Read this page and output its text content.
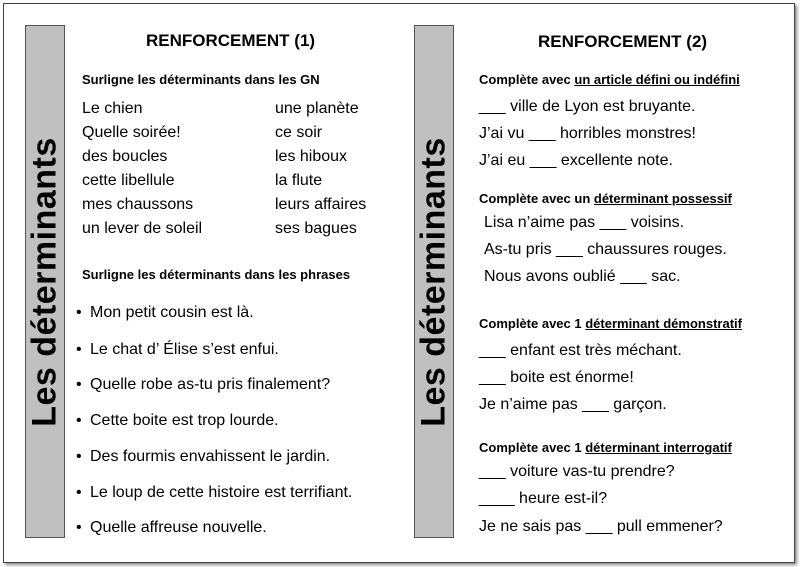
Les déterminants	Les déterminants
RENFORCEMENT (1)
Surligne les déterminants dans les GN
Le chien
Quelle soirée!
des boucles
cette libellule
mes chaussons
un lever de soleil
une planète
ce soir
les hiboux
la flute
leurs affaires
ses bagues
Surligne les déterminants dans les phrases
• Mon petit cousin est là.
• Le chat d’ Élise s’est enfui.
• Quelle robe as-tu pris finalement?
• Cette boite est trop lourde.
• Des fourmis envahissent le jardin.
• Le loup de cette histoire est terrifiant.
• Quelle affreuse nouvelle.
RENFORCEMENT (2)
Complète avec un article défini ou indéfini
___ ville de Lyon est bruyante.
J’ai vu ___ horribles monstres!
J’ai eu ___ excellente note.
Complète avec un déterminant possessif
Lisa n’aime pas ___ voisins.
As-tu pris ___ chaussures rouges.
Nous avons oublié ___ sac.
Complète avec 1 déterminant démonstratif
___ enfant est très méchant.
___ boite est énorme!
Je n’aime pas ___ garçon.
Complète avec 1 déterminant interrogatif
___ voiture vas-tu prendre?
____ heure est-il?
Je ne sais pas ___ pull emmener?
